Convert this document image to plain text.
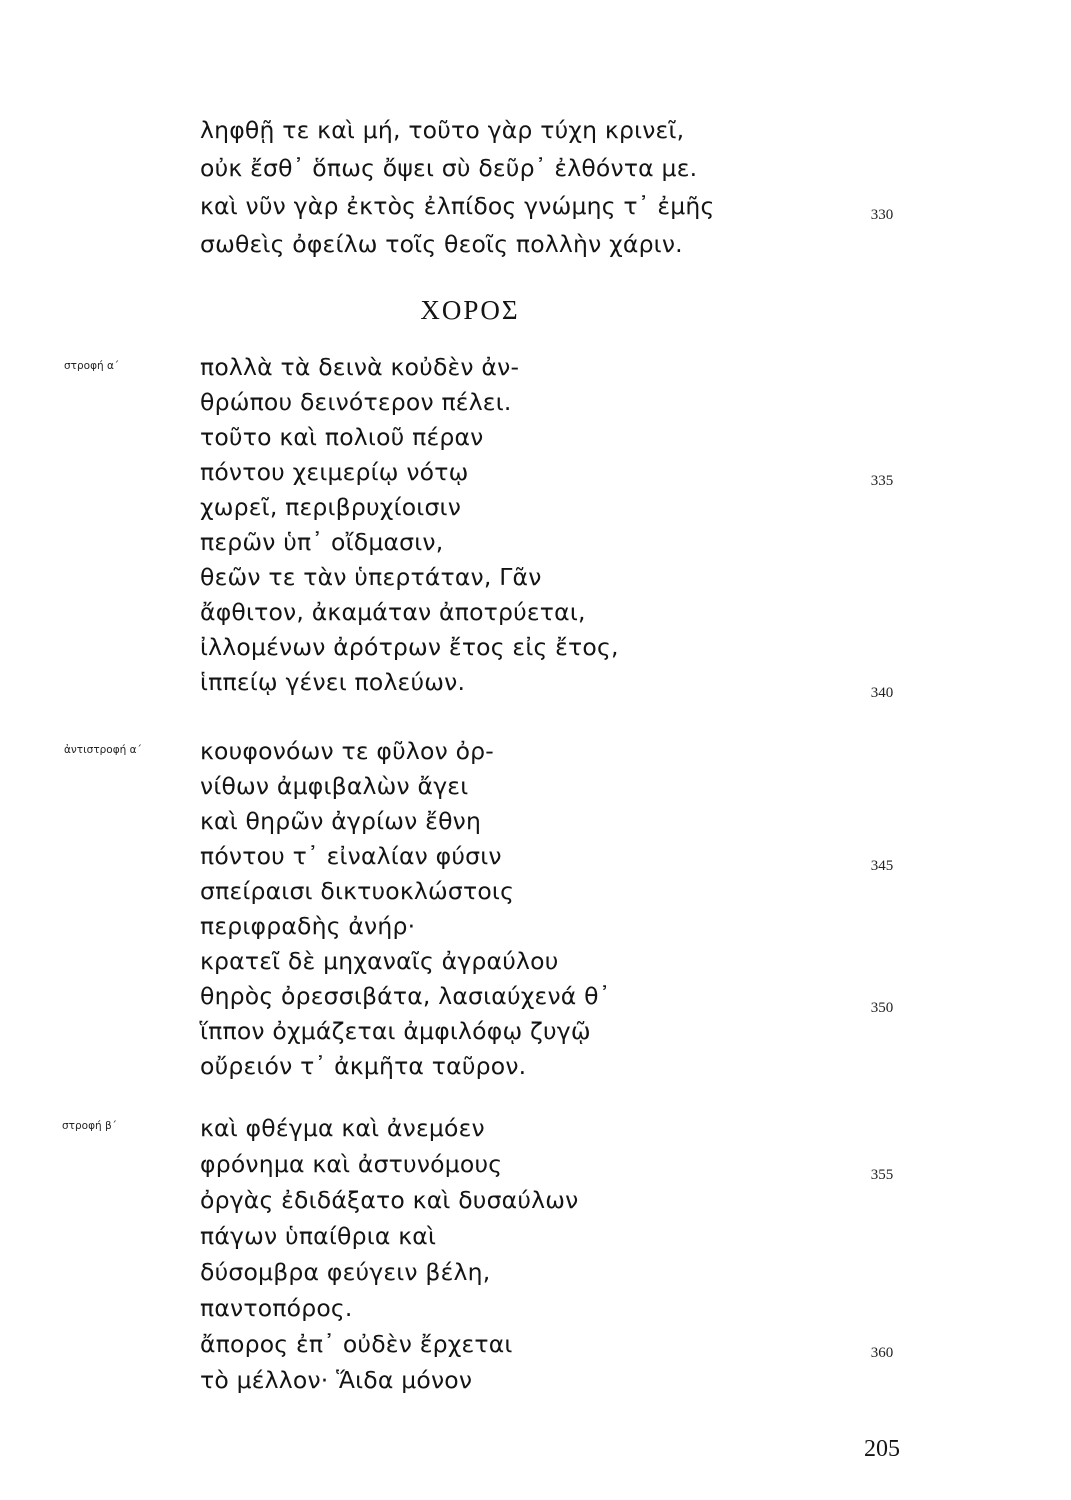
ληφθῇ τε καὶ μή, τοῦτο γὰρ τύχη κρινεῖ,
οὐκ ἔσθ᾽ ὅπως ὄψει σὺ δεῦρ᾽ ἐλθόντα με.
καὶ νῦν γὰρ ἐκτὸς ἐλπίδος γνώμης τ᾽ ἐμῆς
σωθεὶς ὀφείλω τοῖς θεοῖς πολλὴν χάριν.
330
ΧΟΡΟΣ
στροφή α´	πολλὰ τὰ δεινὰ κοὐδὲν ἀν-
θρώπου δεινότερον πέλει.
τοῦτο καὶ πολιοῦ πέραν
πόντου χειμερίῳ νότῳ
χωρεῖ, περιβρυχίοισιν
περῶν ὑπ᾽ οἴδμασιν,
θεῶν τε τὰν ὑπερτάταν, Γᾶν
ἄφθιτον, ἀκαμάταν ἀποτρύεται,
ἰλλομένων ἀρότρων ἔτος εἰς ἔτος,
ἱππείῳ γένει πολεύων.
335
340
ἀντιστροφή α´ κουφονόων τε φῦλον ὀρ-
νίθων ἀμφιβαλὼν ἄγει
καὶ θηρῶν ἀγρίων ἔθνη
πόντου τ᾽ εἰναλίαν φύσιν
σπείραισι δικτυοκλώστοις
περιφραδὴς ἀνήρ·
κρατεῖ δὲ μηχαναῖς ἀγραύλου
θηρὸς ὀρεσσιβάτα, λασιαύχενά θ᾽
ἵππον ὀχμάζεται ἀμφιλόφῳ ζυγῷ
οὔρειόν τ᾽ ἀκμῆτα ταῦρον.
345
350
στροφή β´	καὶ φθέγμα καὶ ἀνεμόεν
φρόνημα καὶ ἀστυνόμους
ὀργὰς ἐδιδάξατο καὶ δυσαύλων
πάγων ὑπαίθρια καὶ
δύσομβρα φεύγειν βέλη,
παντοπόρος.
ἄπορος ἐπ᾽ οὐδὲν ἔρχεται
τὸ μέλλον· Ἅιδα μόνον
355
360
205
